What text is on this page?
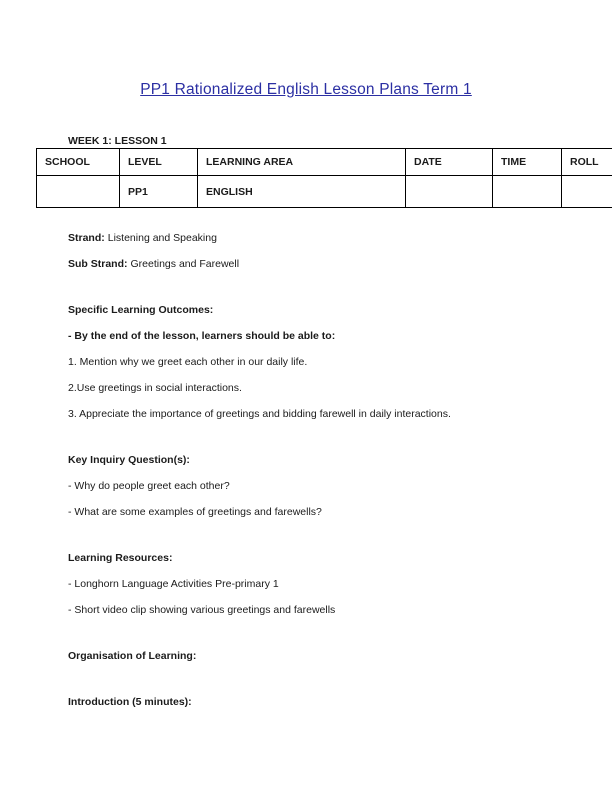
PP1 Rationalized English Lesson Plans Term 1
WEEK 1: LESSON 1
SCHOOL	LEVEL	LEARNING AREA	DATE	TIME	ROLL
	PP1	ENGLISH			

Strand: Listening and Speaking

Sub Strand: Greetings and Farewell

Specific Learning Outcomes:

- By the end of the lesson, learners should be able to:

1. Mention why we greet each other in our daily life.

2.Use greetings in social interactions.

3. Appreciate the importance of greetings and bidding farewell in daily interactions.

Key Inquiry Question(s):

- Why do people greet each other?

- What are some examples of greetings and farewells?

Learning Resources:

- Longhorn Language Activities Pre-primary 1

- Short video clip showing various greetings and farewells

Organisation of Learning:

Introduction (5 minutes):
